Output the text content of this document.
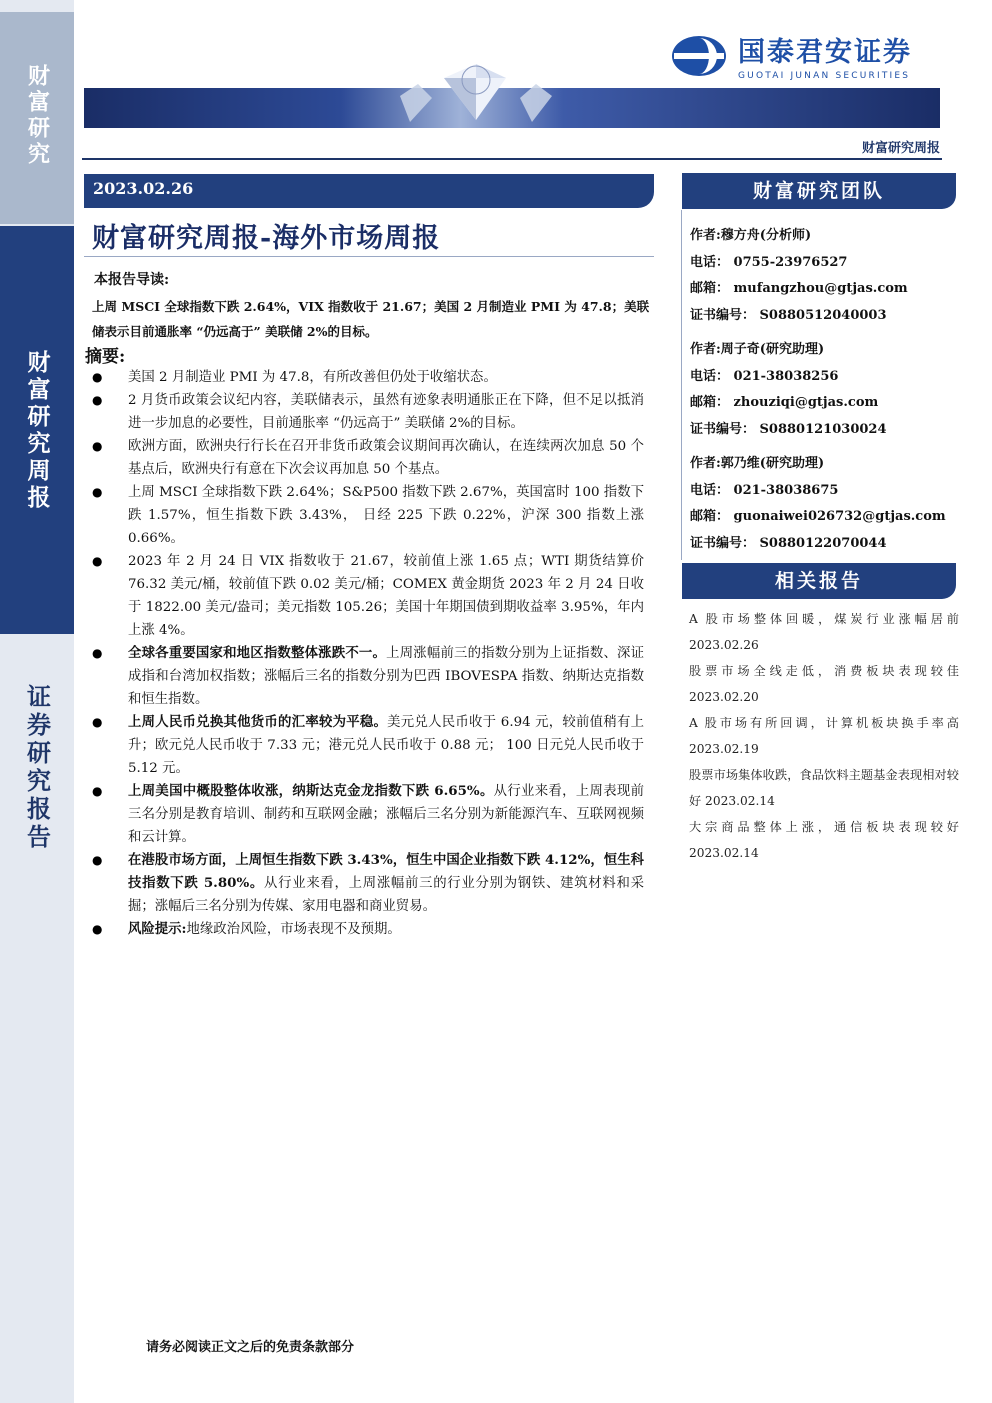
财富研究
财富研究周报
证券研究报告
国泰君安证券
GUOTAI JUNAN SECURITIES
财富研究周报
2023.02.26
财富研究周报-海外市场周报
本报告导读:
上周 MSCI 全球指数下跌 2.64%，VIX 指数收于 21.67；美国 2 月制造业 PMI 为 47.8；美联储表示目前通胀率 “仍远高于” 美联储 2%的目标。
摘要:
● 美国 2 月制造业 PMI 为 47.8，有所改善但仍处于收缩状态。
● 2 月货币政策会议纪内容，美联储表示，虽然有迹象表明通胀正在下降，但不足以抵消进一步加息的必要性，目前通胀率 “仍远高于” 美联储 2%的目标。
● 欧洲方面，欧洲央行行长在召开非货币政策会议期间再次确认，在连续两次加息 50 个基点后，欧洲央行有意在下次会议再加息 50 个基点。
● 上周 MSCI 全球指数下跌 2.64%；S&P500 指数下跌 2.67%，英国富时 100 指数下跌 1.57%，恒生指数下跌 3.43%， 日经 225 下跌 0.22%，沪深 300 指数上涨 0.66%。
● 2023 年 2 月 24 日 VIX 指数收于 21.67，较前值上涨 1.65 点；WTI 期货结算价 76.32 美元/桶，较前值下跌 0.02 美元/桶；COMEX 黄金期货 2023 年 2 月 24 日收于 1822.00 美元/盎司；美元指数 105.26；美国十年期国债到期收益率 3.95%，年内上涨 4%。
● 全球各重要国家和地区指数整体涨跌不一。上周涨幅前三的指数分别为上证指数、深证成指和台湾加权指数；涨幅后三名的指数分别为巴西 IBOVESPA 指数、纳斯达克指数和恒生指数。
● 上周人民币兑换其他货币的汇率较为平稳。美元兑人民币收于 6.94 元，较前值稍有上升；欧元兑人民币收于 7.33 元；港元兑人民币收于 0.88 元； 100 日元兑人民币收于 5.12 元。
● 上周美国中概股整体收涨，纳斯达克金龙指数下跌 6.65%。从行业来看，上周表现前三名分别是教育培训、制药和互联网金融；涨幅后三名分别为新能源汽车、互联网视频和云计算。
● 在港股市场方面，上周恒生指数下跌 3.43%，恒生中国企业指数下跌 4.12%，恒生科技指数下跌 5.80%。从行业来看，上周涨幅前三的行业分别为钢铁、建筑材料和采掘；涨幅后三名分别为传媒、家用电器和商业贸易。
● 风险提示:地缘政治风险，市场表现不及预期。
财富研究团队
作者:穆方舟(分析师)
电话： 0755-23976527
邮箱： mufangzhou@gtjas.com
证书编号： S0880512040003
作者:周子奇(研究助理)
电话： 021-38038256
邮箱： zhouziqi@gtjas.com
证书编号： S0880121030024
作者:郭乃维(研究助理)
电话： 021-38038675
邮箱： guonaiwei026732@gtjas.com
证书编号： S0880122070044
相关报告
A 股市场整体回暖，煤炭行业涨幅居前 2023.02.26
股票市场全线走低，消费板块表现较佳 2023.02.20
A 股市场有所回调，计算机板块换手率高 2023.02.19
股票市场集体收跌，食品饮料主题基金表现相对较好 2023.02.14
大宗商品整体上涨，通信板块表现较好 2023.02.14
请务必阅读正文之后的免责条款部分
